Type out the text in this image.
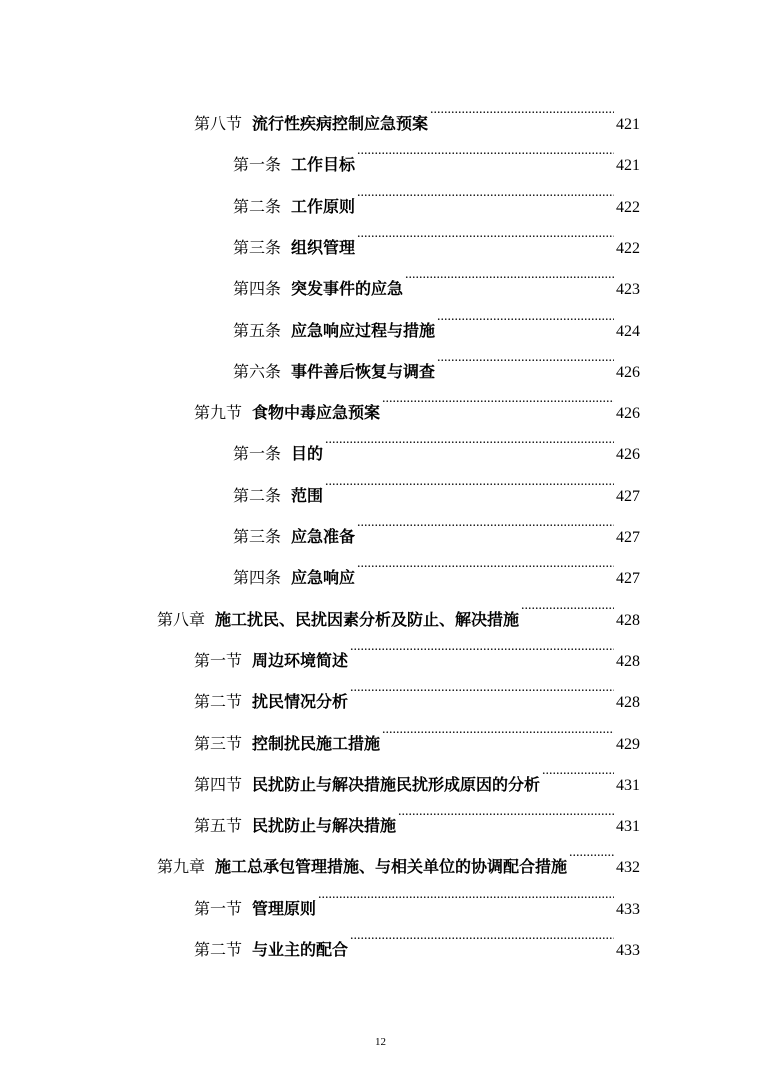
第八节 流行性疾病控制应急预案 .....	421
第一条 工作目标 .....	421
第二条 工作原则 .....	422
第三条 组织管理 .....	422
第四条 突发事件的应急 .....	423
第五条 应急响应过程与措施 .....	424
第六条 事件善后恢复与调查 .....	426
第九节 食物中毒应急预案 .....	426
第一条 目的 .....	426
第二条 范围 .....	427
第三条 应急准备 .....	427
第四条 应急响应 .....	427
第八章 施工扰民、民扰因素分析及防止、解决措施 .....	428
第一节 周边环境简述 .....	428
第二节 扰民情况分析 .....	428
第三节 控制扰民施工措施 .....	429
第四节 民扰防止与解决措施民扰形成原因的分析 .....	431
第五节 民扰防止与解决措施 .....	431
第九章 施工总承包管理措施、与相关单位的协调配合措施 .....	432
第一节 管理原则 .....	433
第二节 与业主的配合 .....	433
12
